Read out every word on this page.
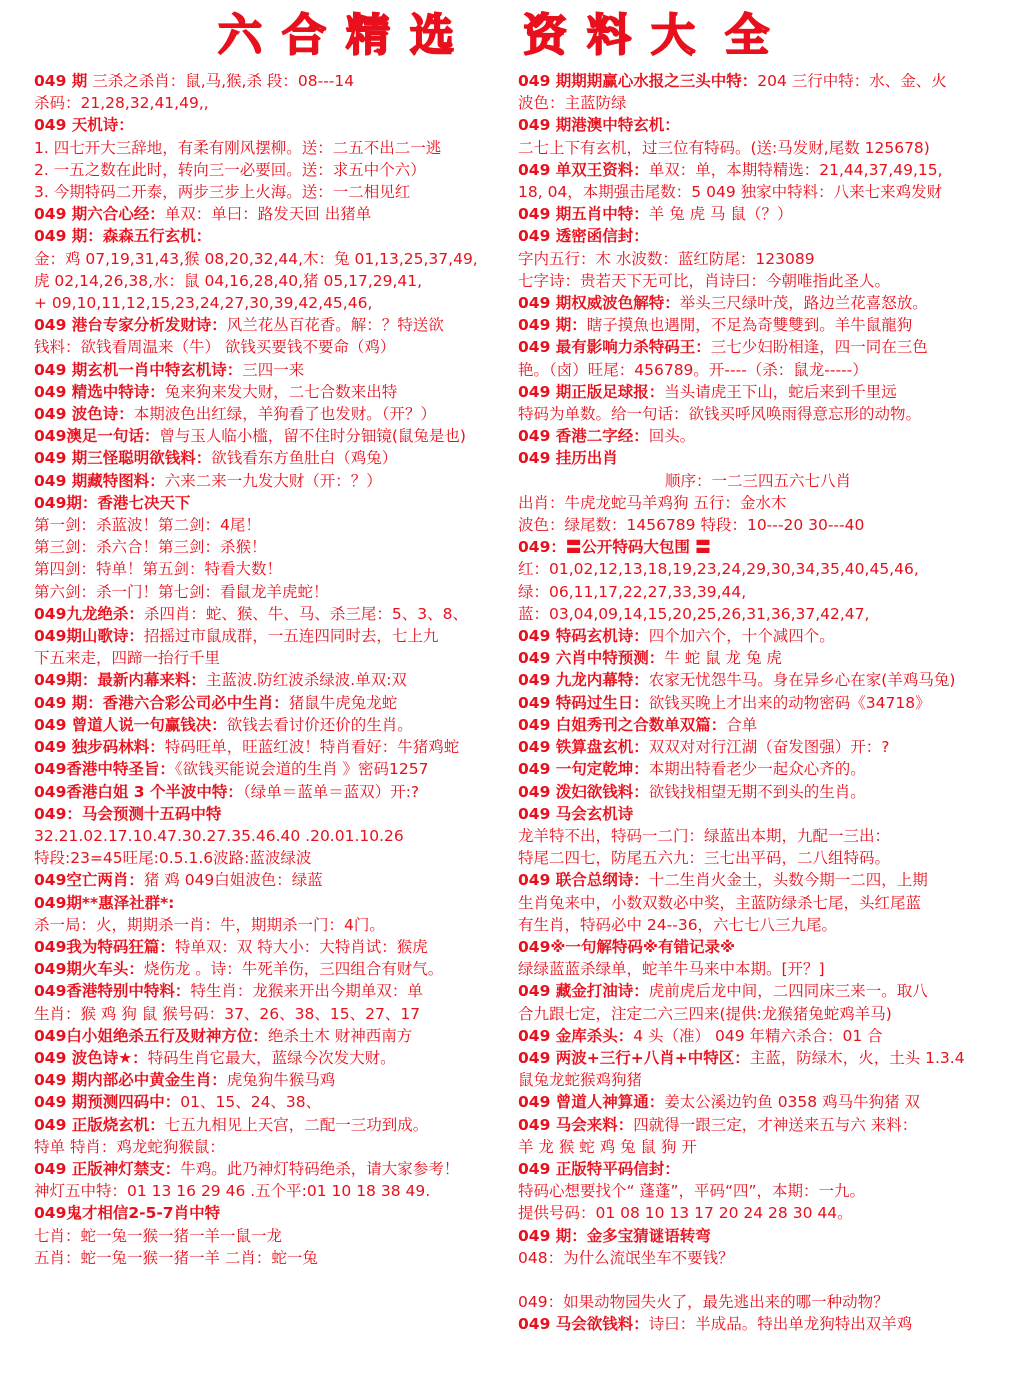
六 合 精 选 资 料 大 全
049 期 三杀之杀肖：鼠,马,猴,杀 段：08---14
杀码：21,28,32,41,49,,
049 天机诗：
1. 四七开大三辞地，有柔有刚风摆柳。送：二五不出二一逃
2. 一五之数在此时，转向三一必要回。送：求五中个六）
3. 今期特码二开泰，两步三步上火海。送：一二相见红
049 期六合心经：单双：单曰：路发天回 出猪单
049 期：森森五行玄机：
金：鸡 07,19,31,43,猴 08,20,32,44,木：兔 01,13,25,37,49,
虎 02,14,26,38,水：鼠 04,16,28,40,猪 05,17,29,41,
+ 09,10,11,12,15,23,24,27,30,39,42,45,46,
049 港台专家分析发财诗：风兰花丛百花香。解：？特送欲
钱料：欲钱看周温来（牛） 欲钱买要钱不要命（鸡）
049 期玄机一肖中特玄机诗：三四一来
049 精选中特诗：兔来狗来发大财，二七合数来出特
049 波色诗：本期波色出红绿，羊狗看了也发财。（开？）
049澳足一句话：曾与玉人临小槛，留不住时分钿镜(鼠兔是也)
049 期三怪聪明欲钱料：欲钱看东方鱼肚白（鸡兔）
049 期藏特图料：六来二来一九发大财（开：？）
049期：香港七决天下
第一剑：杀蓝波！第二剑：4尾！
第三剑：杀六合！第三剑：杀猴！
第四剑：特单！第五剑：特看大数！
第六剑：杀一门！第七剑：看鼠龙羊虎蛇！
049九龙绝杀：杀四肖：蛇、猴、牛、马、杀三尾：5、3、8、
049期山歌诗：招摇过市鼠成群，一五连四同时去，七上九
下五来走，四蹄一抬行千里
049期：最新内幕来料：主蓝波.防红波杀绿波.单双:双
049 期：香港六合彩公司必中生肖：猪鼠牛虎兔龙蛇
049 曾道人说一句赢钱决：欲钱去看讨价还价的生肖。
049 独步码林料：特码旺单，旺蓝红波！特肖看好：牛猪鸡蛇
049香港中特圣旨：《欲钱买能说会道的生肖 》密码1257
049香港白姐 3 个半波中特：（绿单＝蓝单＝蓝双）开:?
049：马会预测十五码中特
32.21.02.17.10.47.30.27.35.46.40 .20.01.10.26
特段:23=45旺尾:0.5.1.6波路:蓝波绿波
049空亡两肖：猪 鸡 049白姐波色：绿蓝
049期**惠泽社群*:
杀一局：火，期期杀一肖：牛，期期杀一门：4门。
049我为特码狂篇：特单双：双 特大小：大特肖试：猴虎
049期火车头：烧伤龙 。诗：牛死羊伤，三四组合有财气。
049香港特别中特料：特生肖：龙猴来开出今期单双：单
生肖：猴 鸡 狗 鼠 猴号码：37、26、38、15、27、17
049白小姐绝杀五行及财神方位：绝杀土木 财神西南方
049 波色诗★：特码生肖它最大，蓝绿今次发大财。
049 期内部必中黄金生肖：虎兔狗牛猴马鸡
049 期预测四码中：01、15、24、38、
049 正版烧玄机：七五九相见上天宫，二配一三功到成。
特单 特肖：鸡龙蛇狗猴鼠：
049 正版神灯禁支：牛鸡。此乃神灯特码绝杀，请大家参考！
神灯五中特：01 13 16 29 46 .五个平:01 10 18 38 49.
049鬼才相信2-5-7肖中特
七肖：蛇一兔一猴一猪一羊一鼠一龙
五肖：蛇一兔一猴一猪一羊 二肖：蛇一兔
049 期期期赢心水报之三头中特：204 三行中特：水、金、火
波色：主蓝防绿
049 期港澳中特玄机：
二七上下有玄机，过三位有特码。(送:马发财,尾数 125678)
049 单双王资料：单双：单，本期特精选：21,44,37,49,15,
18, 04，本期强击尾数：5 049 独家中特料：八来七来鸡发财
049 期五肖中特：羊 兔 虎 马 鼠（？）
049 透密函信封：
字内五行：木 水波数：蓝红防尾：123089
七字诗：贵若天下无可比，肖诗曰：今朝唯指此圣人。
049 期权威波色解特：举头三尺绿叶茂，路边兰花喜怒放。
049 期：瞎子摸魚也遇閒，不足為奇雙雙到。羊牛鼠龍狗
049 最有影响力杀特码王：三七少妇盼相逢，四一同在三色
艳。（卤）旺尾：456789。开----（杀：鼠龙-----）
049 期正版足球报：当头请虎王下山，蛇后来到千里远
特码为单数。给一句话：欲钱买呼风唤雨得意忘形的动物。
049 香港二字经：回头。
049 挂历出肖
顺序：一二三四五六七八肖
出肖：牛虎龙蛇马羊鸡狗 五行：金水木
波色：绿尾数：1456789 特段：10---20 30---40
049：〓公开特码大包围 〓
红：01,02,12,13,18,19,23,24,29,30,34,35,40,45,46,
绿：06,11,17,22,27,33,39,44,
蓝：03,04,09,14,15,20,25,26,31,36,37,42,47,
049 特码玄机诗：四个加六个，十个减四个。
049 六肖中特预测：牛 蛇 鼠 龙 兔 虎
049 九龙内幕特：农家无忧怨牛马。身在异乡心在家(羊鸡马兔)
049 特码过生日：欲钱买晚上才出来的动物密码《34718》
049 白姐秀刊之合数单双篇：合单
049 铁算盘玄机：双双对对行江湖（奋发图强）开：?
049 一句定乾坤：本期出特看老少一起众心齐的。
049 泼妇欲钱料：欲钱找相望无期不到头的生肖。
049 马会玄机诗
龙羊特不出，特码一二门：绿蓝出本期，九配一三出：
特尾二四七，防尾五六九：三七出平码，二八组特码。
049 联合总纲诗：十二生肖火金土，头数今期一二四，上期
生肖兔来中，小数双数必中奖，主蓝防绿杀七尾，头红尾蓝
有生肖，特码必中 24--36，六七七八三九尾。
049※一句解特码※有错记录※
绿绿蓝蓝杀绿单，蛇羊牛马来中本期。[开？]
049 藏金打油诗：虎前虎后龙中间，二四同床三来一。取八
合九跟七定，注定二六三四来(提供:龙猴猪兔蛇鸡羊马)
049 金库杀头：4 头（准） 049 年精六杀合：01 合
049 两波+三行+八肖+中特区：主蓝，防绿木，火，土头 1.3.4
鼠兔龙蛇猴鸡狗猪
049 曾道人神算通：姜太公溪边钓鱼 0358 鸡马牛狗猪 双
049 马会来料：四就得一跟三定，才神送来五与六 来料：
羊 龙 猴 蛇 鸡 兔 鼠 狗 开
049 正版特平码信封：
特码心想要找个“ 蓬蓬”，平码“四”，本期：一九。
提供号码：01 08 10 13 17 20 24 28 30 44。
049 期：金多宝猜谜语转弯
048：为什么流氓坐车不要钱？
049：如果动物园失火了，最先逃出来的哪一种动物？
049 马会欲钱料：诗曰：半成品。特出单龙狗特出双羊鸡
